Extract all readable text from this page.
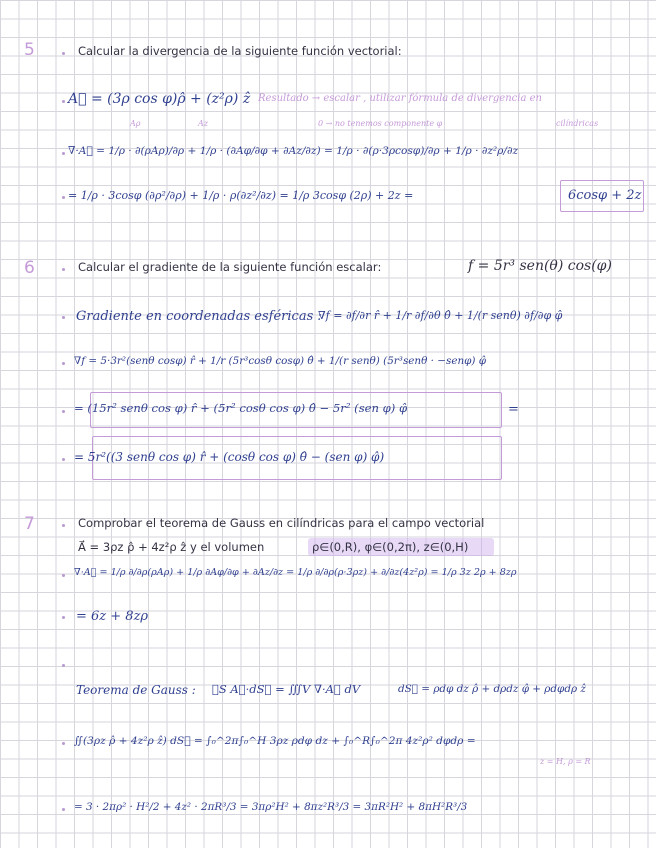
5	Calcular la divergencia de la siguiente función vectorial:
A⃗ = (3ρ cos φ)ρ̂ + (z²ρ) ẑ Resultado → escalar , utilizar fórmula de divergencia en
Aρ	Az	0 → no tenemos componente φ	cilíndricas
∇·A⃗ = 1/ρ · ∂(ρAρ)/∂ρ + 1/ρ · (∂Aφ/∂φ + ∂Az/∂z) = 1/ρ · ∂(ρ·3ρcosφ)/∂ρ + 1/ρ · ∂z²ρ/∂z
= 1/ρ · 3cosφ (∂ρ²/∂ρ) + 1/ρ · ρ(∂z²/∂z) = 1/ρ 3cosφ (2ρ) + 2z =	6cosφ + 2z
6	Calcular el gradiente de la siguiente función escalar:	f = 5r³ sen(θ) cos(φ)
Gradiente en coordenadas esféricas :
∇f = ∂f/∂r r̂ + 1/r ∂f/∂θ θ̂ + 1/(r senθ) ∂f/∂φ φ̂
∇f = 5·3r²(senθ cosφ) r̂ + 1/r (5r³cosθ cosφ) θ̂ + 1/(r senθ) (5r³senθ · −senφ) φ̂
= (15r² senθ cos φ) r̂ + (5r² cosθ cos φ) θ̂ − 5r² (sen φ) φ̂	=
= 5r²((3 senθ cos φ) r̂ + (cosθ cos φ) θ̂ − (sen φ) φ̂)
7	Comprobar el teorema de Gauss en cilíndricas para el campo vectorial
A⃗ = 3ρz ρ̂ + 4z²ρ ẑ y el volumen	ρ∈(0,R), φ∈(0,2π), z∈(0,H)
∇·A⃗ = 1/ρ ∂/∂ρ(ρAρ) + 1/ρ ∂Aφ/∂φ + ∂Az/∂z = 1/ρ ∂/∂ρ(ρ·3ρz) + ∂/∂z(4z²ρ) = 1/ρ 3z 2ρ + 8zρ
= 6z + 8zρ
Teorema de Gauss : ∯S A⃗·dS⃗ = ∭V ∇·A⃗ dV	dS⃗ = ρdφ dz ρ̂ + dρdz φ̂ + ρdφdρ ẑ
∬(3ρz ρ̂ + 4z²ρ ẑ) dS⃗ = ∫₀^2π∫₀^H 3ρz ρdφ dz + ∫₀^R∫₀^2π 4z²ρ² dφdρ =
z = H, ρ = R
= 3 · 2πρ² · H²/2 + 4z² · 2πR³/3 = 3πρ²H² + 8πz²R³/3 = 3πR²H² + 8πH²R³/3
